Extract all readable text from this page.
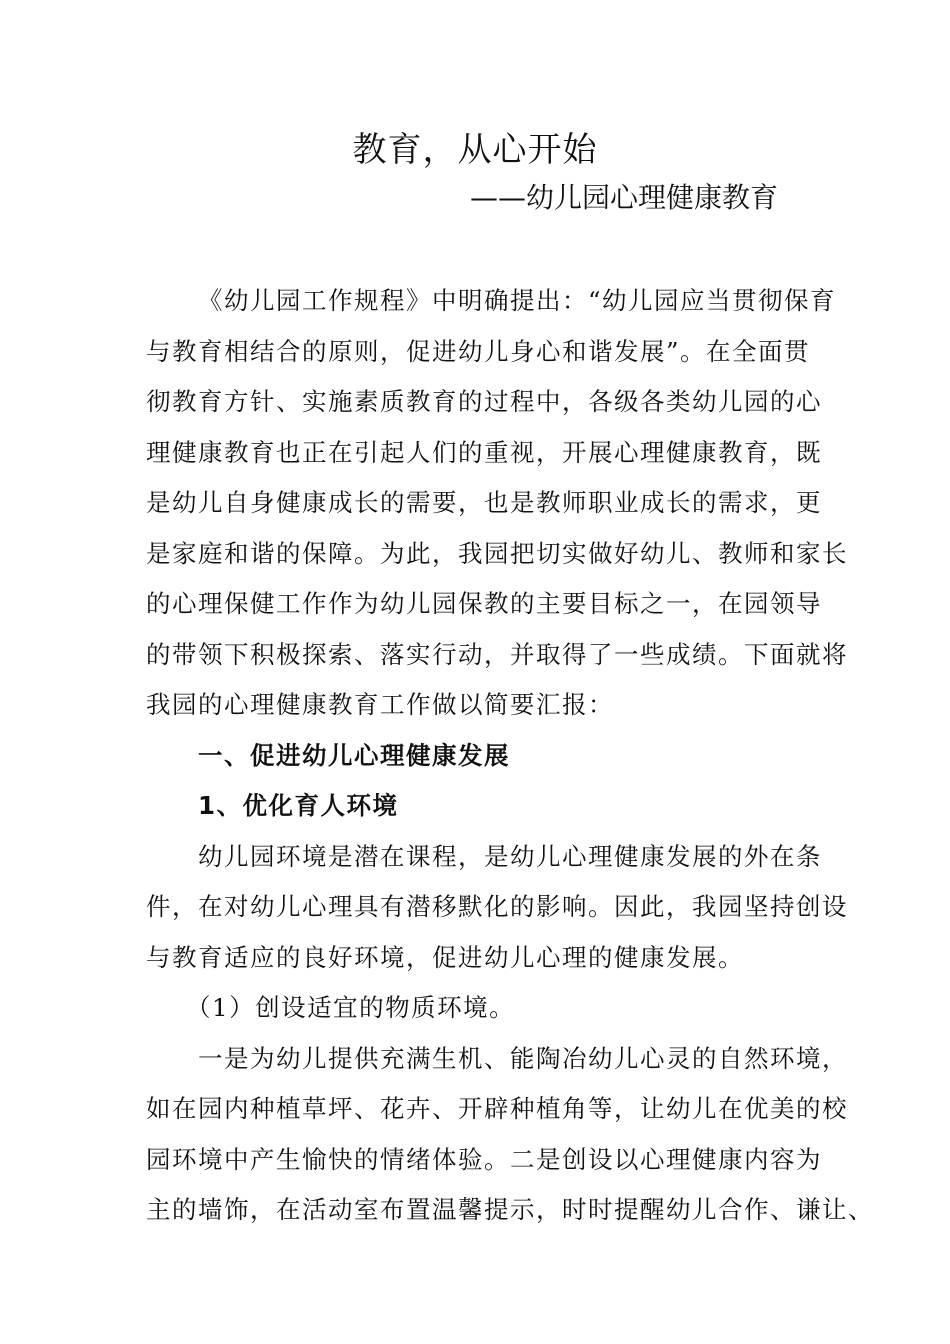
教育，从心开始
——幼儿园心理健康教育
《幼儿园工作规程》中明确提出：“幼儿园应当贯彻保育
与教育相结合的原则，促进幼儿身心和谐发展”。在全面贯
彻教育方针、实施素质教育的过程中，各级各类幼儿园的心
理健康教育也正在引起人们的重视，开展心理健康教育，既
是幼儿自身健康成长的需要，也是教师职业成长的需求，更
是家庭和谐的保障。为此，我园把切实做好幼儿、教师和家长
的心理保健工作作为幼儿园保教的主要目标之一，在园领导
的带领下积极探索、落实行动，并取得了一些成绩。下面就将
我园的心理健康教育工作做以简要汇报：
一、促进幼儿心理健康发展
1、优化育人环境
幼儿园环境是潜在课程，是幼儿心理健康发展的外在条
件，在对幼儿心理具有潜移默化的影响。因此，我园坚持创设
与教育适应的良好环境，促进幼儿心理的健康发展。
（1）创设适宜的物质环境。
一是为幼儿提供充满生机、能陶冶幼儿心灵的自然环境，
如在园内种植草坪、花卉、开辟种植角等，让幼儿在优美的校
园环境中产生愉快的情绪体验。二是创设以心理健康内容为
主的墙饰，在活动室布置温馨提示，时时提醒幼儿合作、谦让、
